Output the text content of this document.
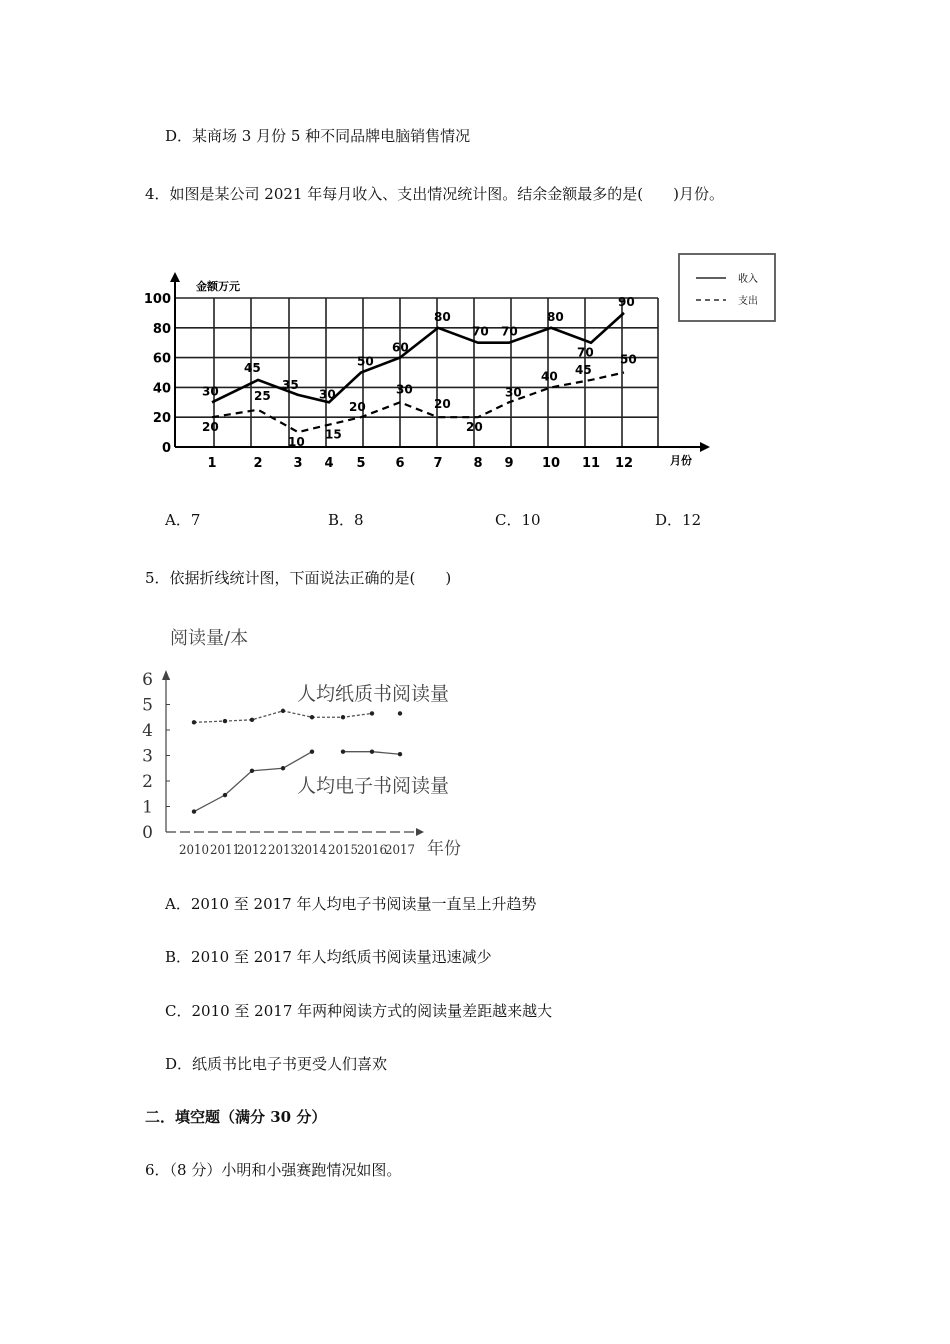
D．某商场 3 月份 5 种不同品牌电脑销售情况
4．如图是某公司 2021 年每月收入、支出情况统计图。结余金额最多的是(　　)月份。
0
20
40
60
80
100
金额万元
月份
1	2 3 4 5 6 7 8 9 10 11 12
30
45
35
30
50
60
80
70 70
80
70
90
20
25
10
15
20
30
20
20
30
40 45
50
收入
支出
A．7	B．8	C．10	D．12
5．依据折线统计图，下面说法正确的是(　　)
0
1
2
3
4
5
6
阅读量/本
2010 2011
2012 2013 2014 2015 2016
2017 年份
人均纸质书阅读量
人均电子书阅读量
A．2010 至 2017 年人均电子书阅读量一直呈上升趋势
B．2010 至 2017 年人均纸质书阅读量迅速减少
C．2010 至 2017 年两种阅读方式的阅读量差距越来越大
D．纸质书比电子书更受人们喜欢
二．填空题（满分 30 分）
6．（8 分）小明和小强赛跑情况如图。
